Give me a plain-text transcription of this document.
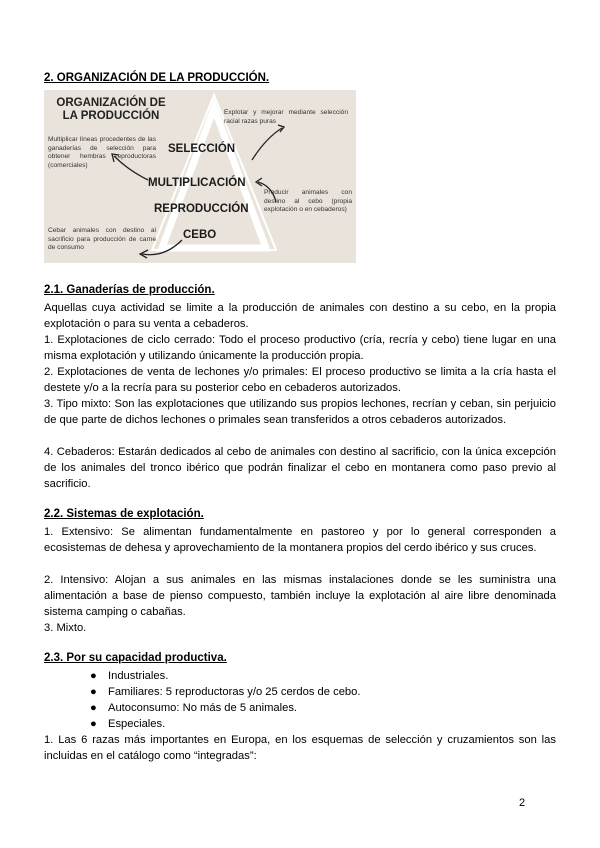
2. ORGANIZACIÓN DE LA PRODUCCIÓN.
ORGANIZACIÓN DE LA PRODUCCIÓN
SELECCIÓN
MULTIPLICACIÓN
REPRODUCCIÓN
CEBO
Explotar y mejorar mediante selección racial razas puras
Multiplicar líneas procedentes de las ganaderías de selección para obtener hembras reproductoras (comerciales)
Producir animales con destino al cebo (propia explotación o en cebaderos)
Cebar animales con destino al sacrificio para producción de carne de consumo
2.1. Ganaderías de producción.
Aquellas cuya actividad se limite a la producción de animales con destino a su cebo, en la propia explotación o para su venta a cebaderos.
1. Explotaciones de ciclo cerrado: Todo el proceso productivo (cría, recría y cebo) tiene lugar en una misma explotación y utilizando únicamente la producción propia.
2. Explotaciones de venta de lechones y/o primales: El proceso productivo se limita a la cría hasta el destete y/o a la recría para su posterior cebo en cebaderos autorizados.
3. Tipo mixto: Son las explotaciones que utilizando sus propios lechones, recrían y ceban, sin perjuicio de que parte de dichos lechones o primales sean transferidos a otros cebaderos autorizados.
4. Cebaderos: Estarán dedicados al cebo de animales con destino al sacrificio, con la única excepción de los animales del tronco ibérico que podrán finalizar el cebo en montanera como paso previo al sacrificio.
2.2. Sistemas de explotación.
1. Extensivo: Se alimentan fundamentalmente en pastoreo y por lo general corresponden a ecosistemas de dehesa y aprovechamiento de la montanera propios del cerdo ibérico y sus cruces.
2. Intensivo: Alojan a sus animales en las mismas instalaciones donde se les suministra una alimentación a base de pienso compuesto, también incluye la explotación al aire libre denominada sistema camping o cabañas.
3. Mixto.
2.3. Por su capacidad productiva.
● Industriales.
● Familiares: 5 reproductoras y/o 25 cerdos de cebo.
● Autoconsumo: No más de 5 animales.
● Especiales.
1. Las 6 razas más importantes en Europa, en los esquemas de selección y cruzamientos son las incluidas en el catálogo como “integradas”:
2
